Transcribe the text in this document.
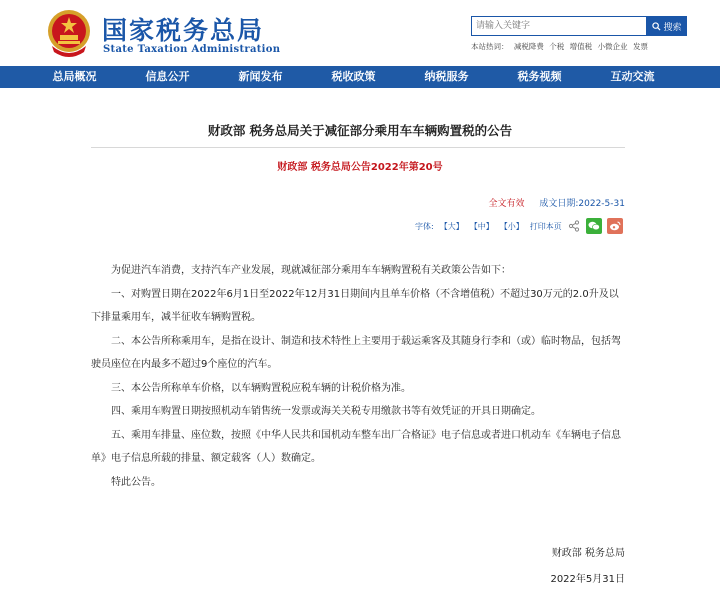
国家税务总局
State Taxation Administration
请输入关键字
搜索
本站热词： 减税降费 个税 增值税 小微企业 发票
总局概况	信息公开	新闻发布	税收政策	纳税服务	税务视频	互动交流
财政部 税务总局关于减征部分乘用车车辆购置税的公告
财政部 税务总局公告2022年第20号
全文有效 成文日期:2022-5-31
字体: 【大】 【中】 【小】 打印本页

为促进汽车消费，支持汽车产业发展，现就减征部分乘用车车辆购置税有关政策公告如下：

一、对购置日期在2022年6月1日至2022年12月31日期间内且单车价格（不含增值税）不超过30万元的2.0升及以下排量乘用车，减半征收车辆购置税。

二、本公告所称乘用车，是指在设计、制造和技术特性上主要用于载运乘客及其随身行李和（或）临时物品，包括驾驶员座位在内最多不超过9个座位的汽车。

三、本公告所称单车价格，以车辆购置税应税车辆的计税价格为准。

四、乘用车购置日期按照机动车销售统一发票或海关关税专用缴款书等有效凭证的开具日期确定。

五、乘用车排量、座位数，按照《中华人民共和国机动车整车出厂合格证》电子信息或者进口机动车《车辆电子信息单》电子信息所载的排量、额定载客（人）数确定。

特此公告。

财政部 税务总局
2022年5月31日
